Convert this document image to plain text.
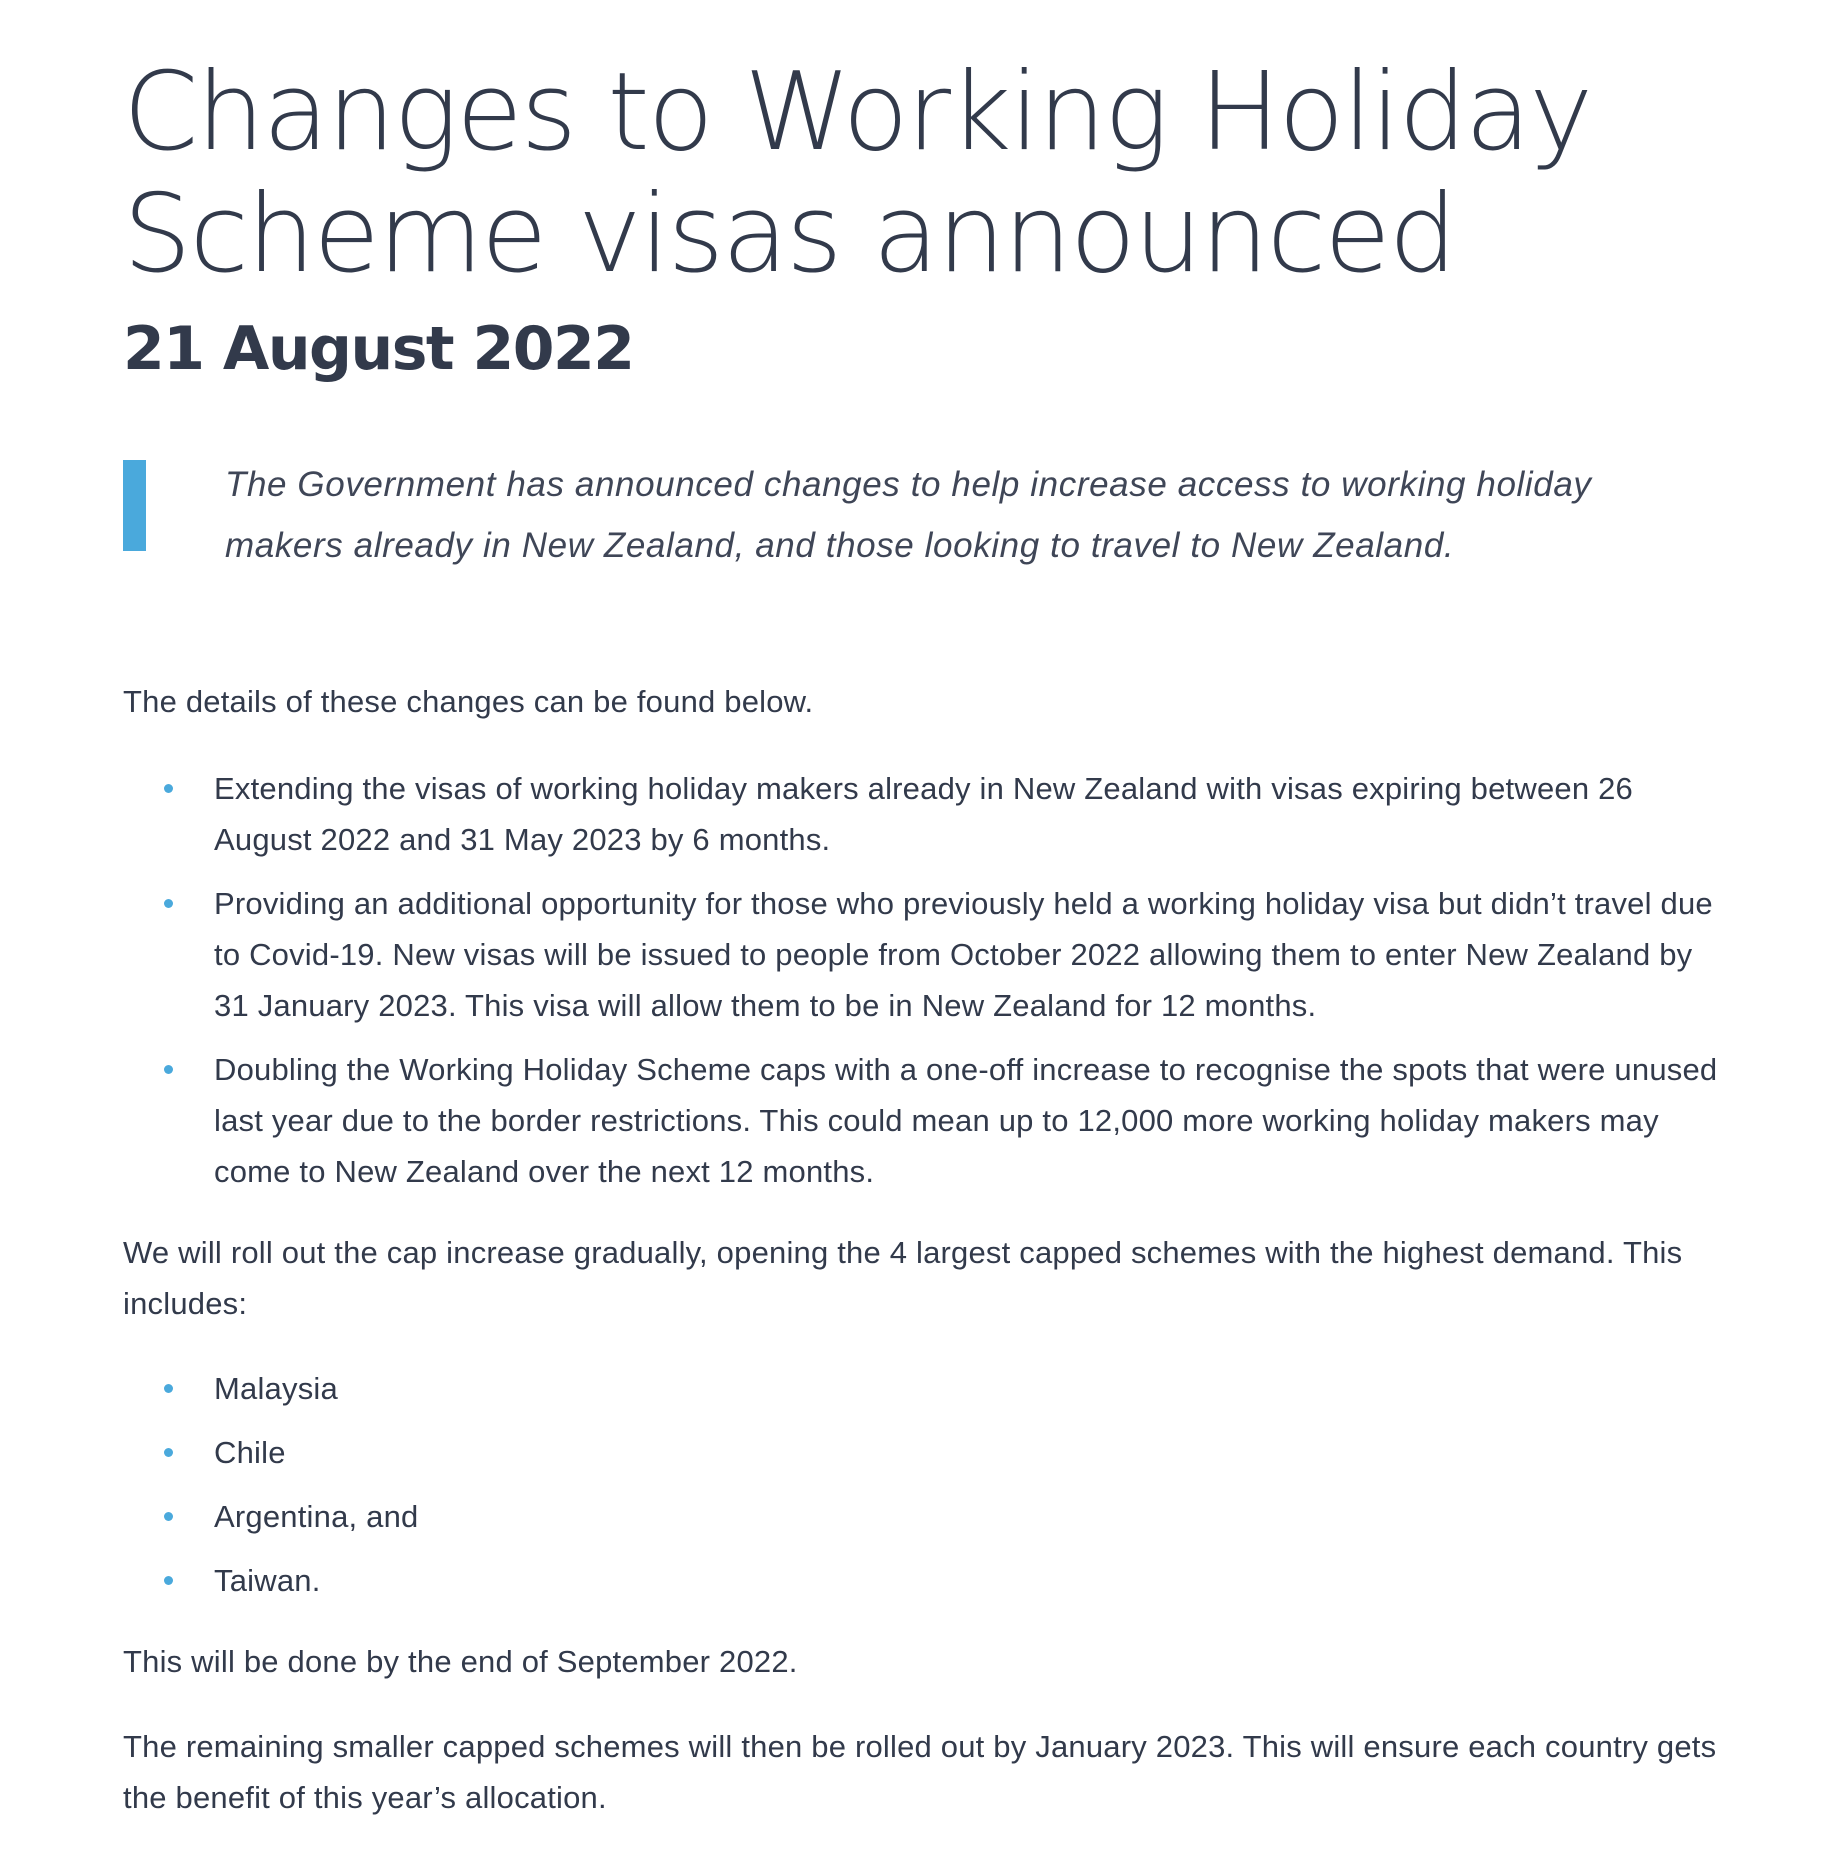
Changes to Working Holiday
Scheme visas announced
21 August 2022

The Government has announced changes to help increase access to working holiday makers already in New Zealand, and those looking to travel to New Zealand.

The details of these changes can be found below.

Extending the visas of working holiday makers already in New Zealand with visas expiring between 26 August 2022 and 31 May 2023 by 6 months.
Providing an additional opportunity for those who previously held a working holiday visa but didn’t travel due to Covid-19. New visas will be issued to people from October 2022 allowing them to enter New Zealand by 31 January 2023. This visa will allow them to be in New Zealand for 12 months.
Doubling the Working Holiday Scheme caps with a one-off increase to recognise the spots that were unused last year due to the border restrictions. This could mean up to 12,000 more working holiday makers may come to New Zealand over the next 12 months.

We will roll out the cap increase gradually, opening the 4 largest capped schemes with the highest demand. This includes:

Malaysia
Chile
Argentina, and
Taiwan.

This will be done by the end of September 2022.

The remaining smaller capped schemes will then be rolled out by January 2023. This will ensure each country gets the benefit of this year’s allocation.
